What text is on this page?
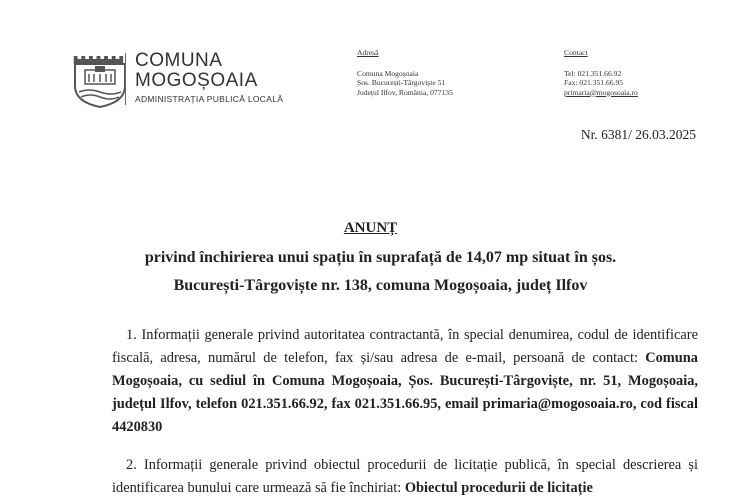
COMUNA
MOGOȘOAIA
ADMINISTRAȚIA PUBLICĂ LOCALĂ
Adresă
Comuna Mogoșoaia
Șos. București-Târgoviște 51
Județul Ilfov, România, 077135
Contact
Tel: 021.351.66.92
Fax: 021.351.66.95
primaria@mogosoaia.ro
Nr. 6381/ 26.03.2025
ANUNȚ
privind închirierea unui spațiu în suprafață de 14,07 mp situat în șos.
București-Târgoviște nr. 138, comuna Mogoșoaia, județ Ilfov
1. Informații generale privind autoritatea contractantă, în special denumirea, codul de identificare fiscală, adresa, numărul de telefon, fax și/sau adresa de e-mail, persoană de contact: Comuna Mogoșoaia, cu sediul în Comuna Mogoșoaia, Șos. București-Târgoviște, nr. 51, Mogoșoaia, județul Ilfov, telefon 021.351.66.92, fax 021.351.66.95, email primaria@mogosoaia.ro, cod fiscal 4420830
2. Informații generale privind obiectul procedurii de licitație publică, în special descrierea și identificarea bunului care urmează să fie închiriat: Obiectul procedurii de licitație
